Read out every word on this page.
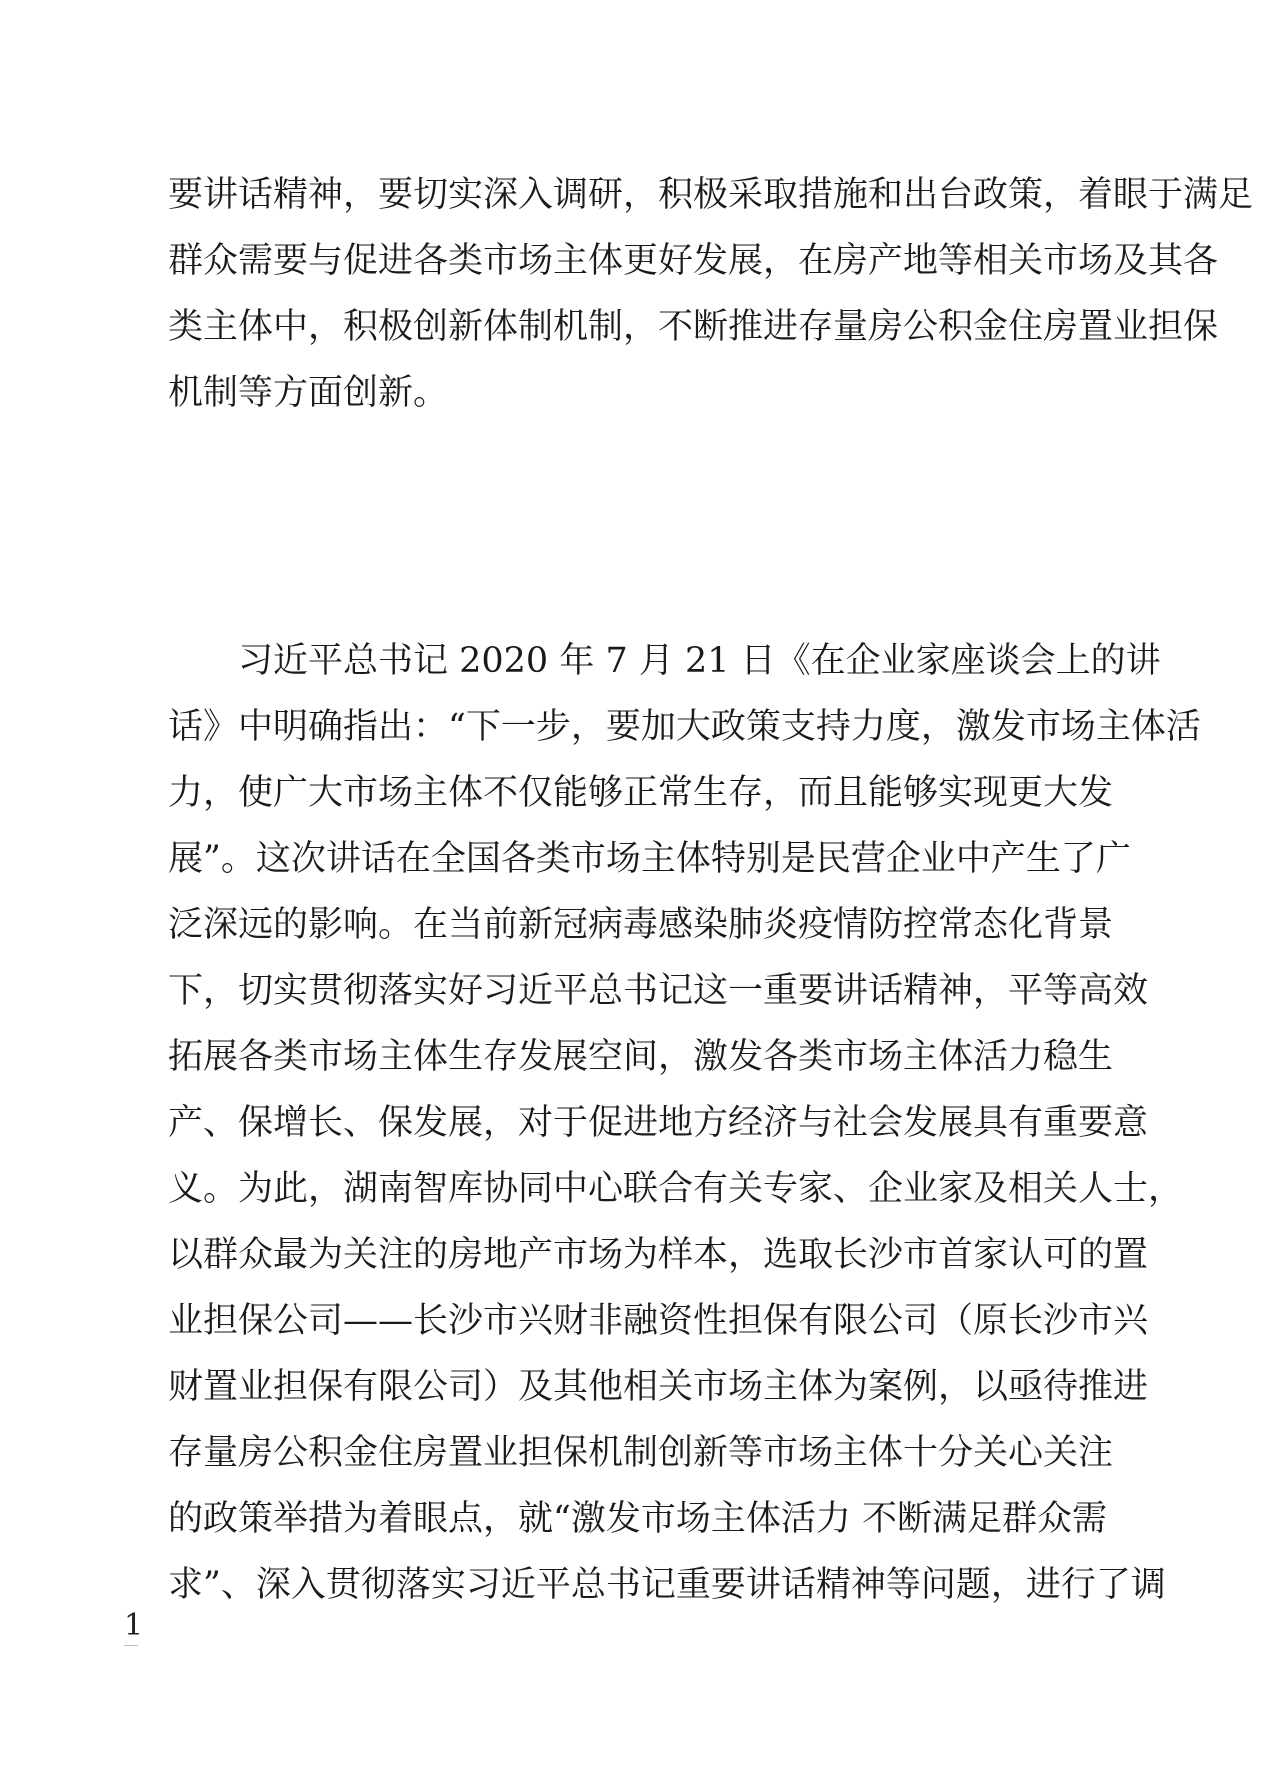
要讲话精神，要切实深入调研，积极采取措施和出台政策，着眼于满足
群众需要与促进各类市场主体更好发展，在房产地等相关市场及其各
类主体中，积极创新体制机制，不断推进存量房公积金住房置业担保
机制等方面创新。
习近平总书记 2020 年 7 月 21 日《在企业家座谈会上的讲
话》中明确指出：“下一步，要加大政策支持力度，激发市场主体活
力，使广大市场主体不仅能够正常生存，而且能够实现更大发
展”。这次讲话在全国各类市场主体特别是民营企业中产生了广
泛深远的影响。在当前新冠病毒感染肺炎疫情防控常态化背景
下，切实贯彻落实好习近平总书记这一重要讲话精神，平等高效
拓展各类市场主体生存发展空间，激发各类市场主体活力稳生
产、保增长、保发展，对于促进地方经济与社会发展具有重要意
义。为此，湖南智库协同中心联合有关专家、企业家及相关人士，
以群众最为关注的房地产市场为样本，选取长沙市首家认可的置
业担保公司——长沙市兴财非融资性担保有限公司（原长沙市兴
财置业担保有限公司）及其他相关市场主体为案例，以亟待推进
存量房公积金住房置业担保机制创新等市场主体十分关心关注
的政策举措为着眼点，就“激发市场主体活力 不断满足群众需
求”、深入贯彻落实习近平总书记重要讲话精神等问题，进行了调
1
